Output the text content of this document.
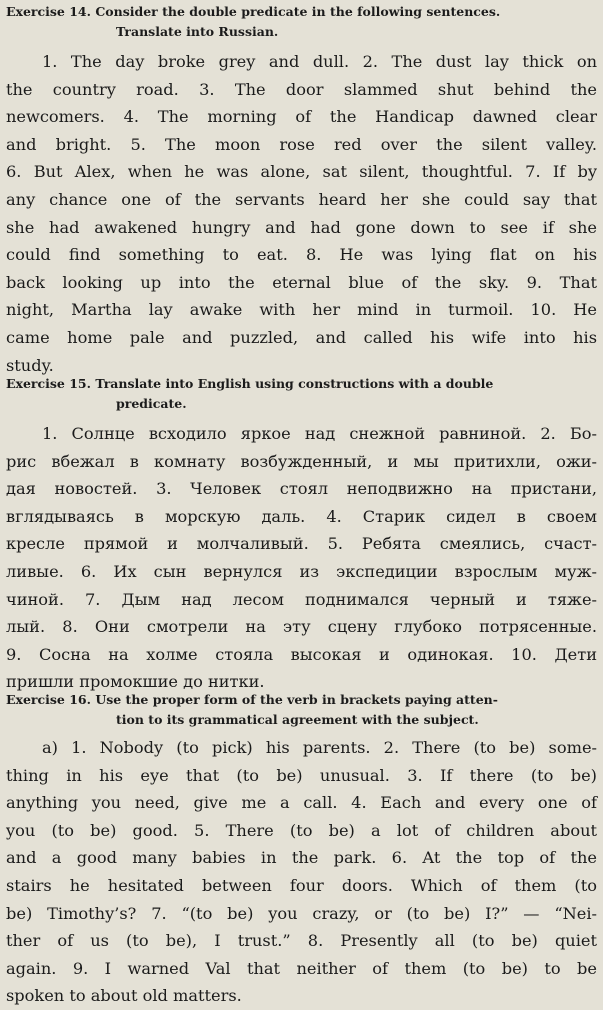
Exercise 14. Consider the double predicate in the following sentences.
Translate into Russian.
1. The day broke grey and dull. 2. The dust lay thick on
the country road. 3. The door slammed shut behind the
newcomers. 4. The morning of the Handicap dawned clear
and bright. 5. The moon rose red over the silent valley.
6. But Alex, when he was alone, sat silent, thoughtful. 7. If by
any chance one of the servants heard her she could say that
she had awakened hungry and had gone down to see if she
could find something to eat. 8. He was lying flat on his
back looking up into the eternal blue of the sky. 9. That
night, Martha lay awake with her mind in turmoil. 10. He
came home pale and puzzled, and called his wife into his
study.
Exercise 15. Translate into English using constructions with a double
predicate.
1. Солнце всходило яркое над снежной равниной. 2. Бо-
рис вбежал в комнату возбужденный, и мы притихли, ожи-
дая новостей. 3. Человек стоял неподвижно на пристани,
вглядываясь в морскую даль. 4. Старик сидел в своем
кресле прямой и молчаливый. 5. Ребята смеялись, счаст-
ливые. 6. Их сын вернулся из экспедиции взрослым муж-
чиной. 7. Дым над лесом поднимался черный и тяже-
лый. 8. Они смотрели на эту сцену глубоко потрясенные.
9. Сосна на холме стояла высокая и одинокая. 10. Дети
пришли промокшие до нитки.
Exercise 16. Use the proper form of the verb in brackets paying atten-
tion to its grammatical agreement with the subject.
a) 1. Nobody (to pick) his parents. 2. There (to be) some-
thing in his eye that (to be) unusual. 3. If there (to be)
anything you need, give me a call. 4. Each and every one of
you (to be) good. 5. There (to be) a lot of children about
and a good many babies in the park. 6. At the top of the
stairs he hesitated between four doors. Which of them (to
be) Timothy’s? 7. “(to be) you crazy, or (to be) I?” — “Nei-
ther of us (to be), I trust.” 8. Presently all (to be) quiet
again. 9. I warned Val that neither of them (to be) to be
spoken to about old matters.
